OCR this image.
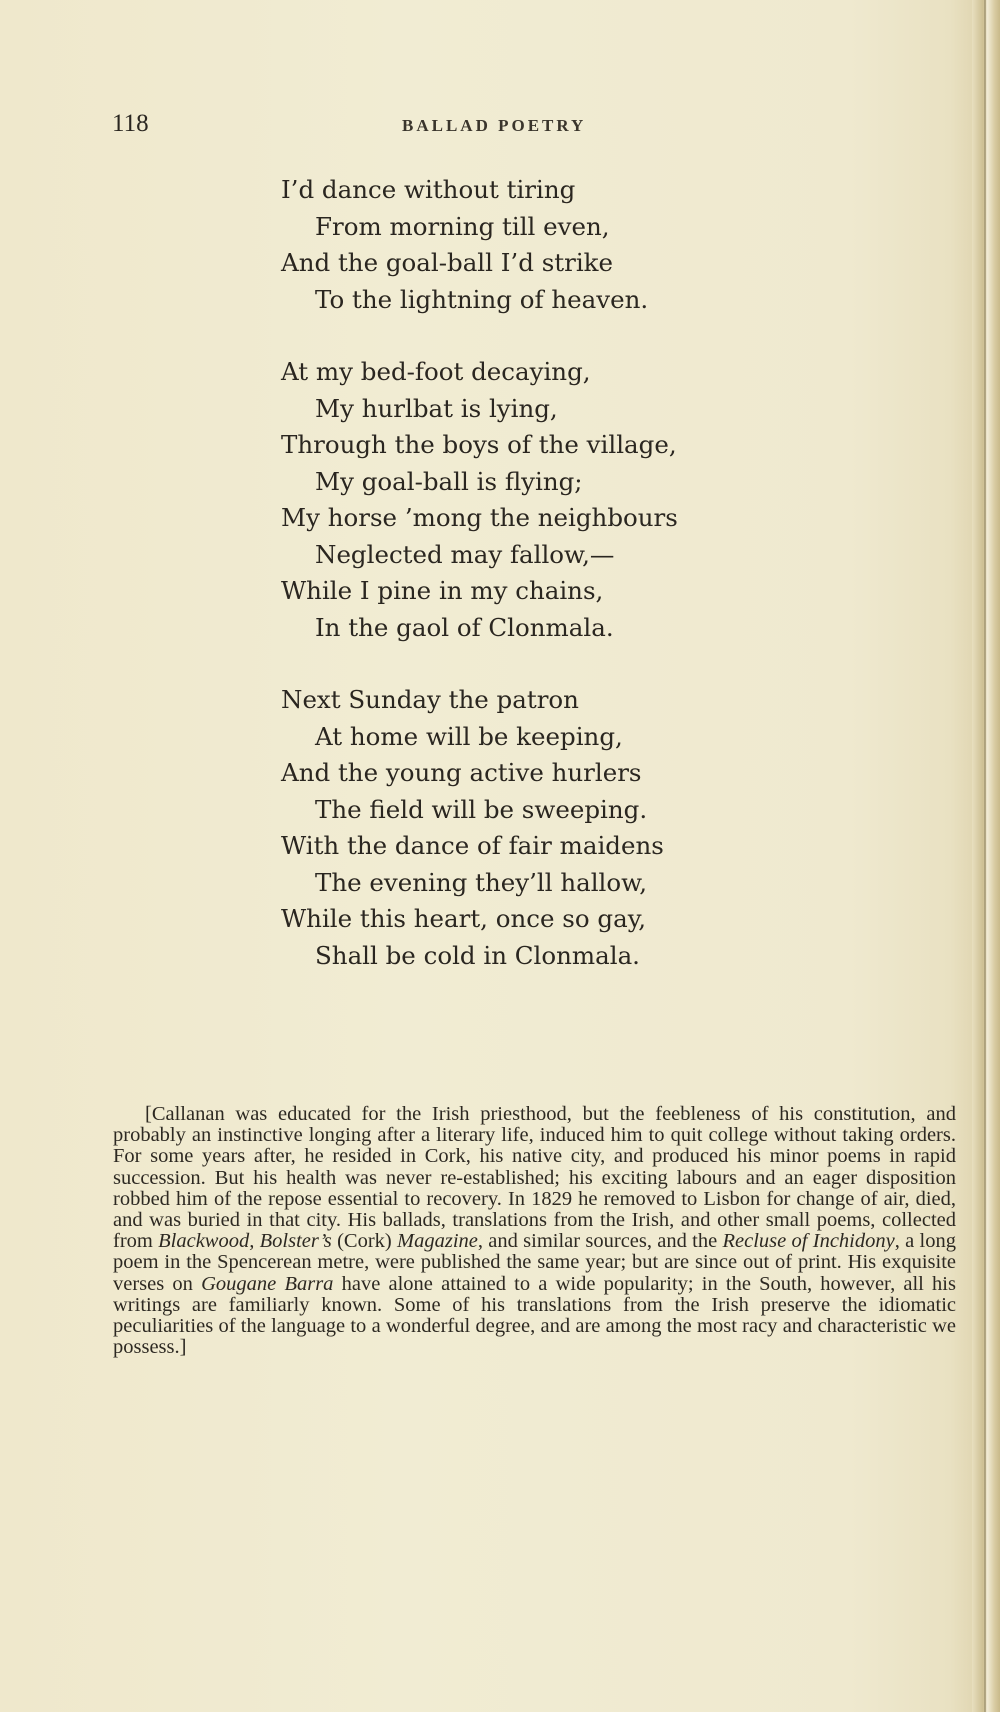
118	BALLAD POETRY
I’d dance without tiring
From morning till even,
And the goal-ball I’d strike
To the lightning of heaven.
At my bed-foot decaying,
My hurlbat is lying,
Through the boys of the village,
My goal-ball is flying;
My horse ’mong the neighbours
Neglected may fallow,—
While I pine in my chains,
In the gaol of Clonmala.
Next Sunday the patron
At home will be keeping,
And the young active hurlers
The field will be sweeping.
With the dance of fair maidens
The evening they’ll hallow,
While this heart, once so gay,
Shall be cold in Clonmala.

[Callanan was educated for the Irish priesthood, but the feebleness of his constitution, and probably an instinctive longing after a literary life, induced him to quit college without taking orders. For some years after, he resided in Cork, his native city, and produced his minor poems in rapid succession. But his health was never re-established; his exciting labours and an eager disposition robbed him of the repose essential to recovery. In 1829 he removed to Lisbon for change of air, died, and was buried in that city. His ballads, translations from the Irish, and other small poems, collected from Blackwood, Bolster’s (Cork) Magazine, and similar sources, and the Recluse of Inchidony, a long poem in the Spencerean metre, were published the same year; but are since out of print. His exquisite verses on Gougane Barra have alone attained to a wide popularity; in the South, however, all his writings are familiarly known. Some of his translations from the Irish preserve the idiomatic peculiarities of the language to a wonderful degree, and are among the most racy and characteristic we possess.]
